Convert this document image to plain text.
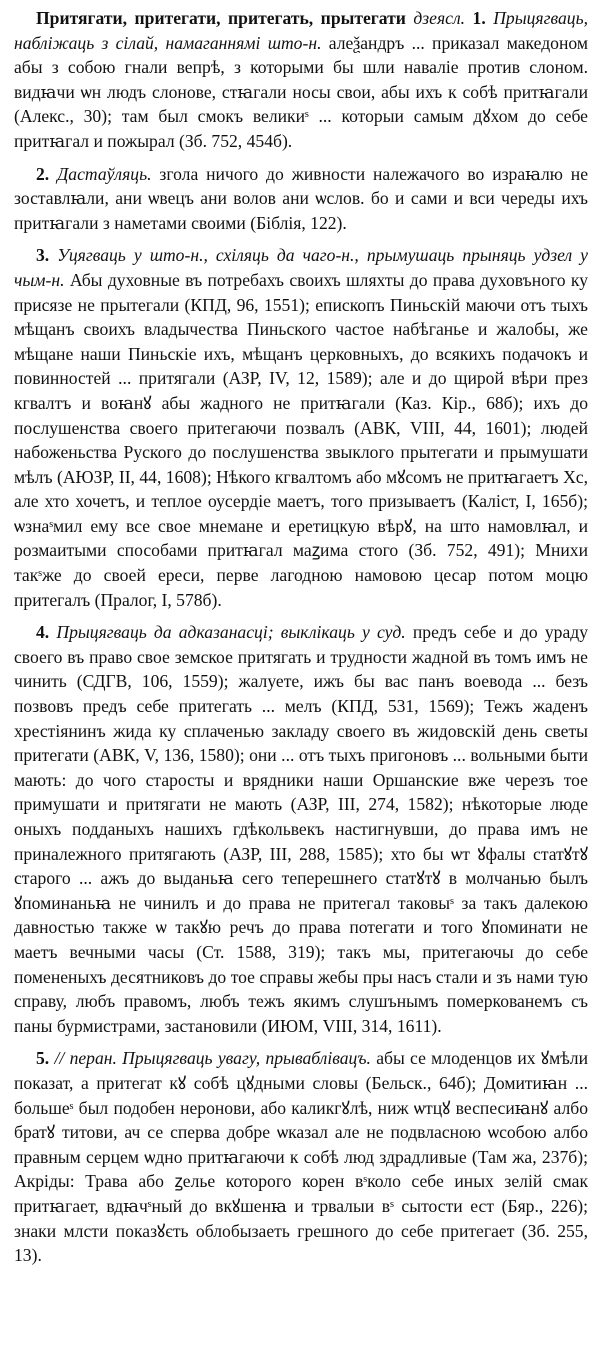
Притягати, притегати, притегать, прытегати дзеясл. 1. Прыцягваць, набліжаць з сілай, намаганнямі што-н. алеѯандръ ... приказал македоном абы з собою гнали вепрѣ, з которыми бы шли наваліе против слоном. видꙗчи ѡн людъ слонове, стꙗгали носы свои, абы ихъ к собѣ притꙗгали (Алекс., 30); там был смокъ великиˢ ... которыи самым дꙋхом до себе притꙗгал и пожырал (Зб. 752, 454б).

2. Дастаўляць. зголa ничого до живности належачого во израꙗлю не зоставлꙗли, ани ѡвецъ ани волов ани ѡслов. бо и сами и вси череды ихъ притꙗгали з наметами своими (Біблія, 122).

3. Уцягваць у што-н., схіляць да чаго-н., прымушаць прыняць удзел у чым-н. Абы духовные въ потребахъ своихъ шляхты до права духовъного ку присязе не прытегали (КПД, 96, 1551); епископъ Пиньскій маючи отъ тыхъ мѣщанъ своихъ владычества Пиньского частое набѣганье и жалобы, же мѣщане наши Пиньскіе ихъ, мѣщанъ церковныхъ, до всякихъ подачокъ и повинностей ... притягали (АЗР, IV, 12, 1589); але и до щирой вѣри през кгвалтъ и воꙗнꙋ абы жадного не притꙗгали (Каз. Кір., 68б); ихъ до послушенства своего притегаючи позвалъ (АВК, VIII, 44, 1601); людей набоженьства Руского до послушенства звыклого прытегати и прымушати мѣлъ (АЮЗР, II, 44, 1608); Нѣкого кгвалтомъ або мꙋсомъ не притꙗгаетъ Хс, але хто хочетъ, и теплое оусердіе маетъ, того призываетъ (Каліст, I, 165б); ѡзнаˢмил ему все свое мнемане и еретицкую вѣрꙋ, на што намовлꙗл, и розмаитыми способами притꙗгал маꙁима стого (Зб. 752, 491); Мнихи такˢже до своей ереси, перве лагодною намовою цесар потом моцю притегалъ (Пралог, I, 578б).

4. Прыцягваць да адказанасці; выклікаць у суд. предъ себе и до ураду своего въ право свое земское притягать и трудности жадной въ томъ имъ не чинить (СДГВ, 106, 1559); жалуете, ижъ бы вас панъ воевода ... безъ позвовъ предъ себе притегать ... мелъ (КПД, 531, 1569); Тежъ жаденъ хрестіянинъ жида ку сплаченью закладу своего въ жидовскій день светы притегати (АВК, V, 136, 1580); они ... отъ тыхъ пригоновъ ... вольными быти мають: до чого старосты и врядники наши Оршанские вже черезъ тое примушати и притягати не мають (АЗР, III, 274, 1582); нѣкоторые люде оныхъ подданыхъ нашихъ гдѣкольвекъ настигнувши, до права имъ не приналежного притягають (АЗР, III, 288, 1585); хто бы ѡт ꙋфалы статꙋтꙋ старого ... ажъ до выданьꙗ сего теперешнего статꙋтꙋ в молчанью былъ ꙋпоминаньꙗ не чинилъ и до права не притегал таковыˢ за такъ далекою давностью также ѡ такꙋю речъ до права потегати и того ꙋпоминати не маетъ вечными часы (Ст. 1588, 319); такъ мы, притегаючы до себе помененыхъ десятниковъ до тое справы жебы пры насъ стали и зъ нами тую справу, любъ правомъ, любъ тежъ якимъ слушънымъ померкованемъ съ паны бурмистрами, застановили (ИЮМ, VIII, 314, 1611).

5. // перан. Прыцягваць увагу, прываблівацъ. абы се млоденцов их ꙋмѣли показат, а притегат кꙋ собѣ цꙋдными словы (Бельск., 64б); Домитиꙗн ... большеˢ был подобен неронови, або каликгꙋлѣ, ниж ѡтцꙋ веспесиꙗнꙋ албо братꙋ титови, ач се сперва добре ѡказал але не подвласною ѡсобою албо правным серцем ѡдно притꙗгаючи к собѣ люд здрадливые (Там жа, 237б); Акрiды: Трава або ꙁелье которого корен вˢколо себе иных зелій смак притꙗгает, вдꙗчˢный до вкꙋшенꙗ и трвалыи вˢ сытости ест (Бяр., 226); знаки млсти показꙋєть облобызаеть грешного до себе притегает (Зб. 255, 13).
